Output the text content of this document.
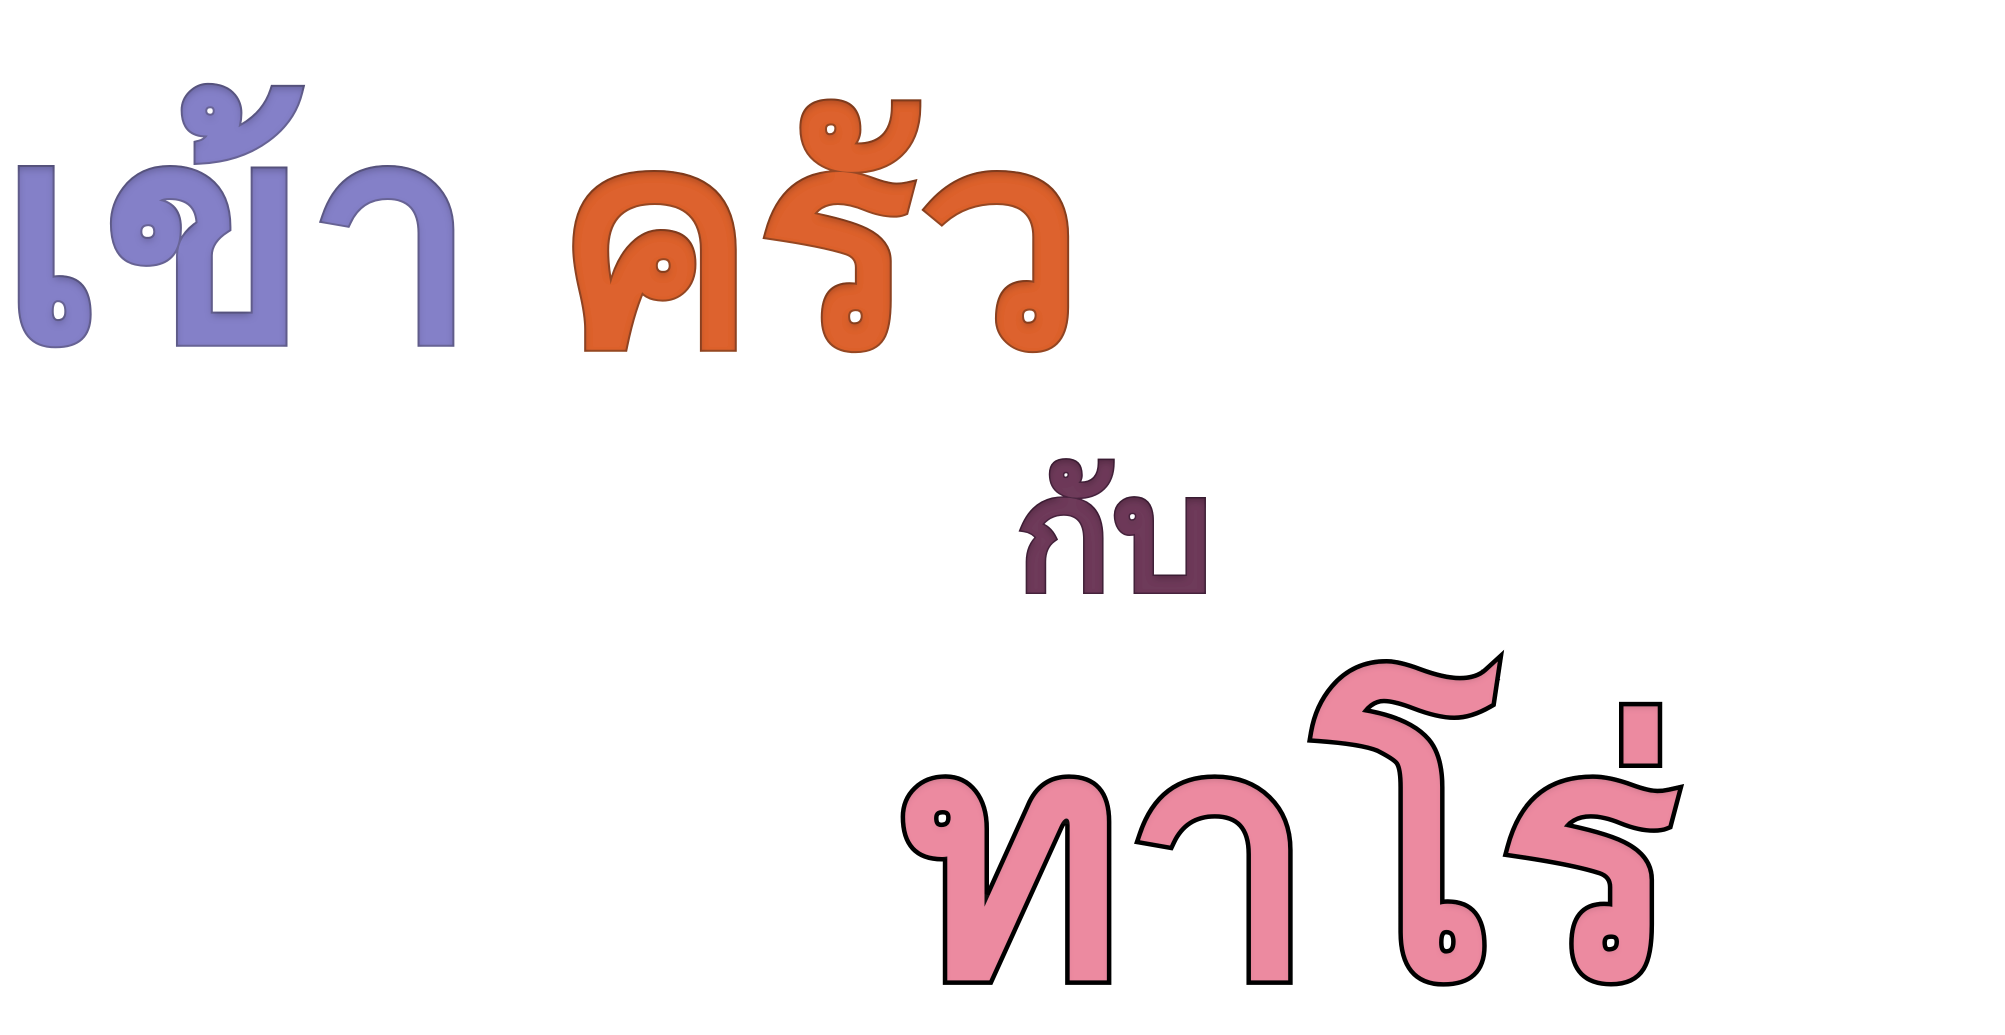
เข้า ครัว
กับ
ทาโร่
